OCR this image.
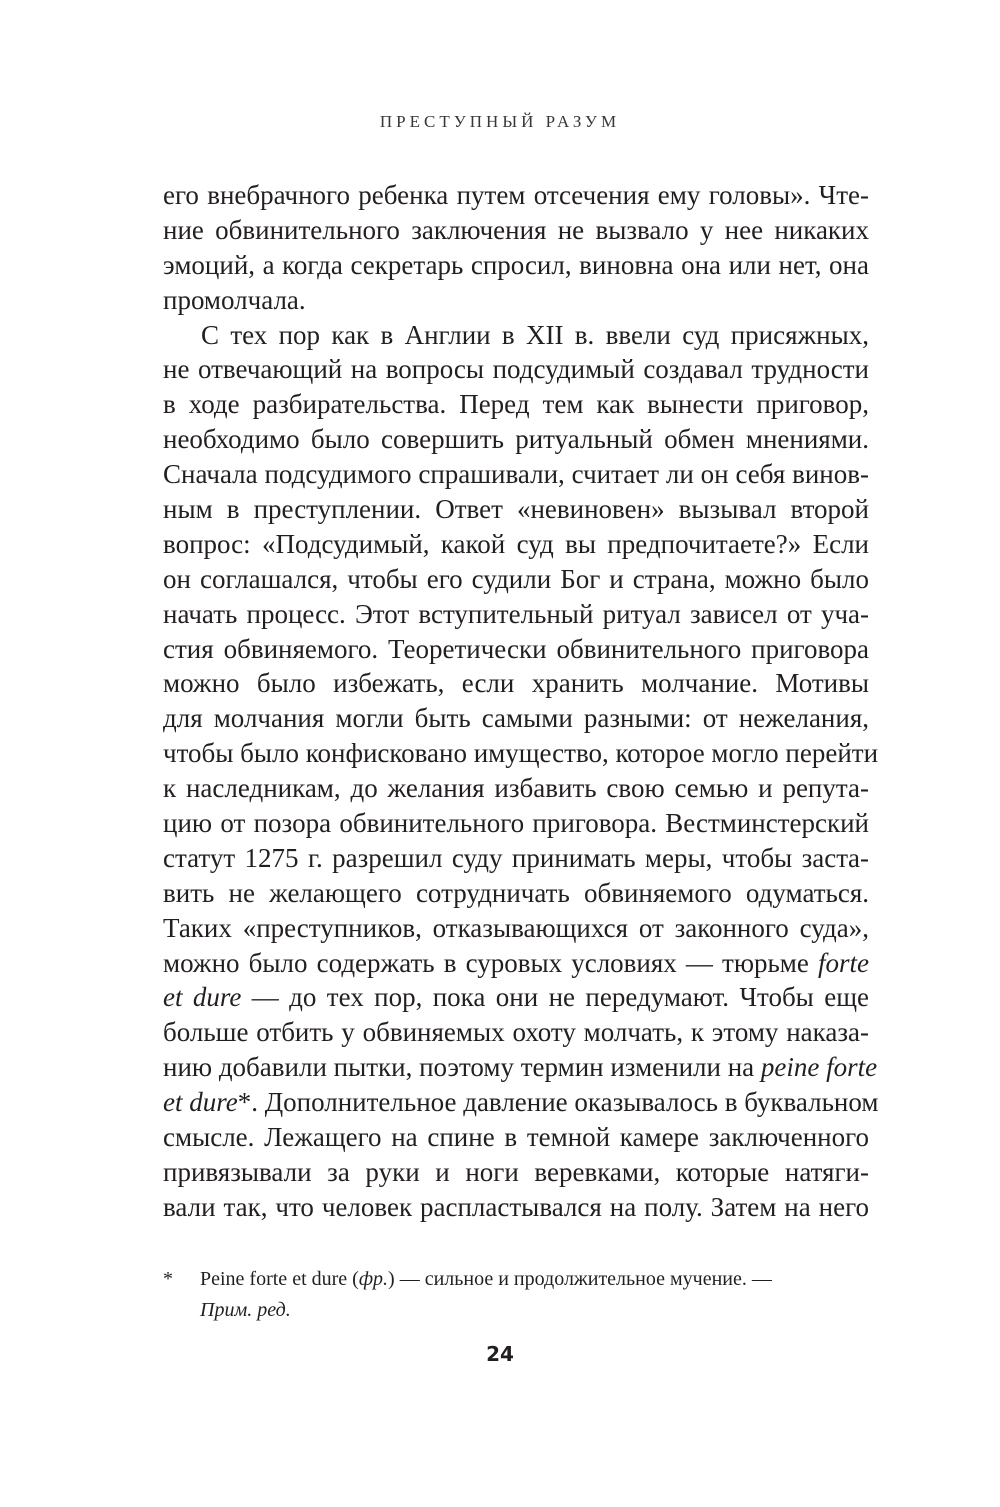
ПРЕСТУПНЫЙ РАЗУМ
его внебрачного ребенка путем отсечения ему головы». Чте-
ние обвинительного заключения не вызвало у нее никаких
эмоций, а когда секретарь спросил, виновна она или нет, она
промолчала.
С тех пор как в Англии в XII в. ввели суд присяжных,
не отвечающий на вопросы подсудимый создавал трудности
в ходе разбирательства. Перед тем как вынести приговор,
необходимо было совершить ритуальный обмен мнениями.
Сначала подсудимого спрашивали, считает ли он себя винов-
ным в преступлении. Ответ «невиновен» вызывал второй
вопрос: «Подсудимый, какой суд вы предпочитаете?» Если
он соглашался, чтобы его судили Бог и страна, можно было
начать процесс. Этот вступительный ритуал зависел от уча-
стия обвиняемого. Теоретически обвинительного приговора
можно было избежать, если хранить молчание. Мотивы
для молчания могли быть самыми разными: от нежелания,
чтобы было конфисковано имущество, которое могло перейти
к наследникам, до желания избавить свою семью и репута-
цию от позора обвинительного приговора. Вестминстерский
статут 1275 г. разрешил суду принимать меры, чтобы застa-
вить не желающего сотрудничать обвиняемого одуматься.
Таких «преступников, отказывающихся от законного суда»,
можно было содержать в суровых условиях — тюрьме forte
et dure — до тех пор, пока они не передумают. Чтобы еще
больше отбить у обвиняемых охоту молчать, к этому наказа-
нию добавили пытки, поэтому термин изменили на peine forte
et dure*. Дополнительное давление оказывалось в буквальном
смысле. Лежащего на спине в темной камере заключенного
привязывали за руки и ноги веревками, которые натяги-
вали так, что человек распластывался на полу. Затем на него
* Peine forte et dure (фр.) — сильное и продолжительное мучение. —
Прим. ред.
24
